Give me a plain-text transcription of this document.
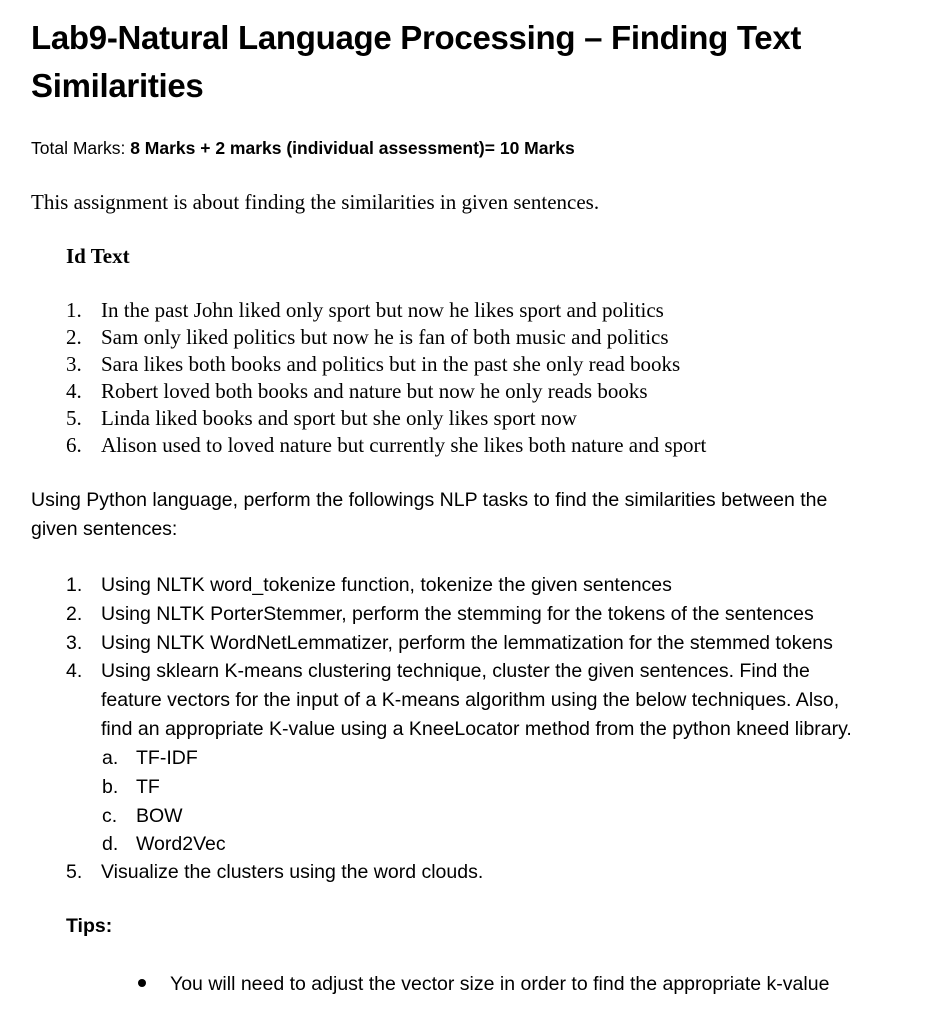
Lab9-Natural Language Processing – Finding Text Similarities
Total Marks: 8 Marks + 2 marks (individual assessment)= 10 Marks
This assignment is about finding the similarities in given sentences.
Id Text
1. In the past John liked only sport but now he likes sport and politics
2. Sam only liked politics but now he is fan of both music and politics
3. Sara likes both books and politics but in the past she only read books
4. Robert loved both books and nature but now he only reads books
5. Linda liked books and sport but she only likes sport now
6. Alison used to loved nature but currently she likes both nature and sport
Using Python language, perform the followings NLP tasks to find the similarities between the
given sentences:
1. Using NLTK word_tokenize function, tokenize the given sentences
2. Using NLTK PorterStemmer, perform the stemming for the tokens of the sentences
3. Using NLTK WordNetLemmatizer, perform the lemmatization for the stemmed tokens
4. Using sklearn K-means clustering technique, cluster the given sentences. Find the
feature vectors for the input of a K-means algorithm using the below techniques. Also,
find an appropriate K-value using a KneeLocator method from the python kneed library.
a. TF-IDF
b. TF
c. BOW
d. Word2Vec
5. Visualize the clusters using the word clouds.
Tips:
You will need to adjust the vector size in order to find the appropriate k-value
